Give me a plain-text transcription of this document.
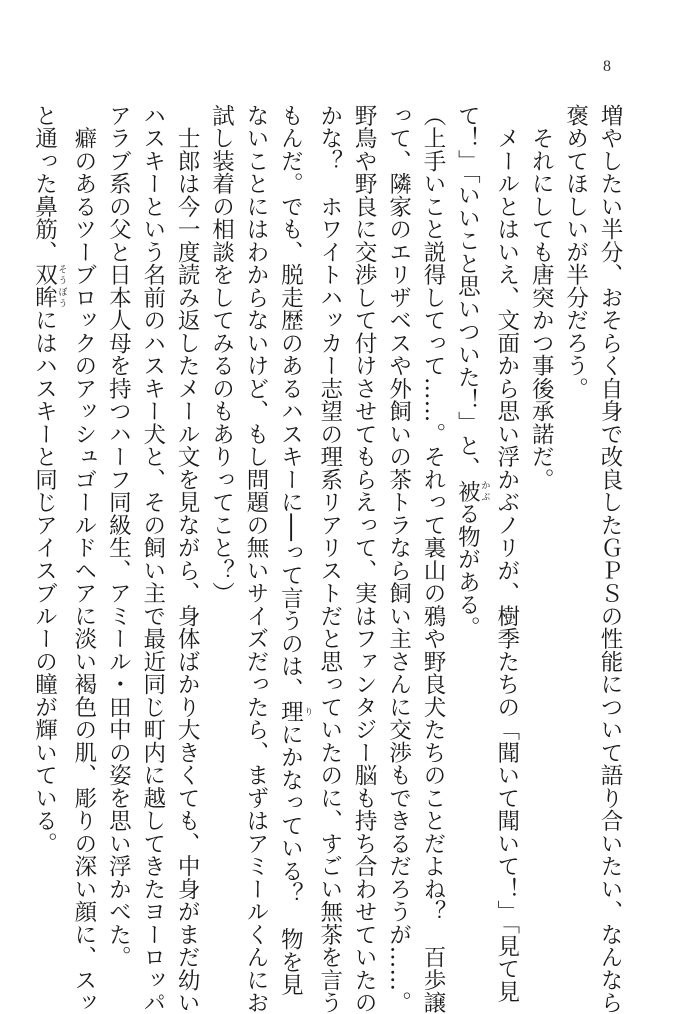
8
増やしたい半分、おそらく自身で改良したＧＰＳの性能について語り合いたい、なんなら
褒めてほしいが半分だろう。
　それにしても唐突かつ事後承諾だ。
　メールとはいえ、文面から思い浮かぶノリが、樹季たちの「聞いて聞いて！」「見て見
て！」「いいこと思いついた！」と、被 かぶる物がある。
（上手いこと説得してって……。それって裏山の鴉や野良犬たちのことだよね？　百歩譲
って、隣家のエリザベスや外飼いの茶トラなら飼い主さんに交渉もできるだろうが……。
野鳥や野良に交渉して付けさせてもらえって、実はファンタジー脳も持ち合わせていたの
かな？　ホワイトハッカー志望の理系リアリストだと思っていたのに、すごい無茶を言う
もんだ。でも、脱走歴のあるハスキーに──って言うのは、理 りにかなっている？　物を見
ないことにはわからないけど、もし問題の無いサイズだったら、まずはアミールくんにお
試し装着の相談をしてみるのもありってこと？）
　士郎は今一度読み返したメール文を見ながら、身体ばかり大きくても、中身がまだ幼い
ハスキーという名前のハスキー犬と、その飼い主で最近同じ町内に越してきたヨーロッパ
アラブ系の父と日本人母を持つハーフ同級生、アミール・田中の姿を思い浮かべた。
　癖のあるツーブロックのアッシュゴールドヘアに淡い褐色の肌、彫りの深い顔に、スッ
と通った鼻筋、双眸 そうぼうにはハスキーと同じアイスブルーの瞳が輝いている。
